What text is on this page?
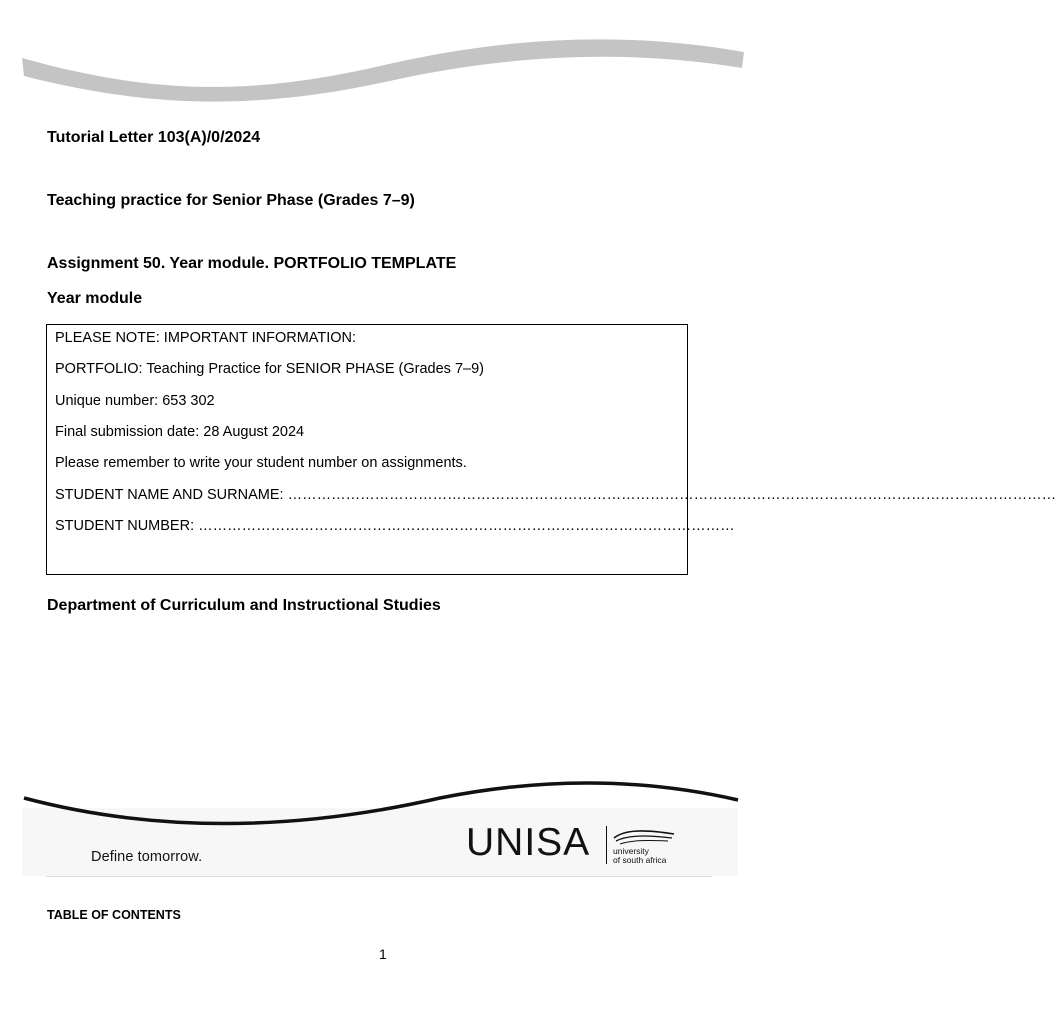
Tutorial Letter 103(A)/0/2024
Teaching practice for Senior Phase (Grades 7–9)
Assignment 50. Year module. PORTFOLIO TEMPLATE
Year module
PLEASE NOTE: IMPORTANT INFORMATION:
PORTFOLIO: Teaching Practice for SENIOR PHASE (Grades 7–9)
Unique number: 653 302
Final submission date: 28 August 2024
Please remember to write your student number on assignments.
STUDENT NAME AND SURNAME: ……………………………………………………………………………………………………………………………………………
STUDENT NUMBER: …………………………………………………………………………………………………
Department of Curriculum and Instructional Studies
Define tomorrow.	UNISA	university
of south africa
TABLE OF CONTENTS
1
